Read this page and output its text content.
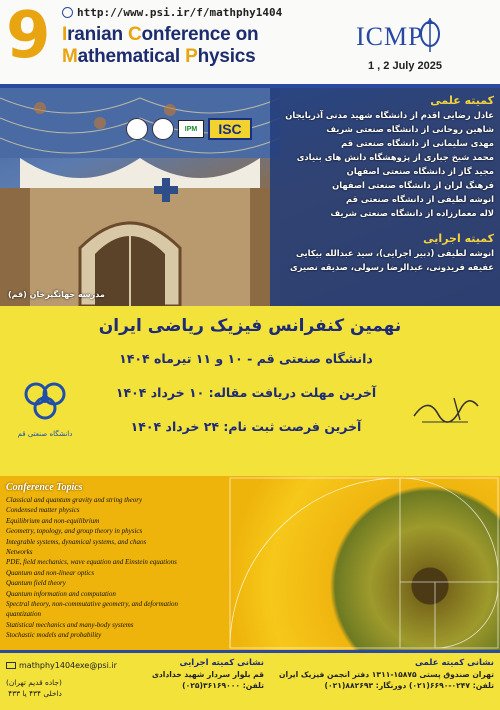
9	http://www.psi.ir/f/mathphy1404
Iranian Conference on
Mathematical Physics
ICMP
1 , 2 July 2025
IPM	ISC
کمیته علمی
عادل رضایی اقدم از دانشگاه شهید مدنی آذربایجان
شاهین روحانی از دانشگاه صنعتی شریف
مهدی سلیمانی از دانشگاه صنعتی قم
محمد شیخ جباری از پژوهشگاه دانش های بنیادی
مجید گاز از دانشگاه صنعتی اصفهان
فرهنگ لران از دانشگاه صنعتی اصفهان
انوشه لطیفی از دانشگاه صنعتی قم
لاله معمارزاده از دانشگاه صنعتی شریف
کمیته اجرایی
انوشه لطیفی (دبیر اجرایی)، سید عبدالله بیکایی
عفیفه فریدونی، عبدالرضا رسولی، صدیقه نصیری
مدرسه جهانگیرخان (قم)
نهمین کنفرانس فیزیک ریاضی ایران
دانشگاه صنعتی قم - ۱۰ و ۱۱ تیرماه ۱۴۰۴
آخرین مهلت دریافت مقاله: ۱۰ خرداد ۱۴۰۴
آخرین فرصت ثبت نام: ۲۴ خرداد ۱۴۰۴
دانشگاه صنعتی قم
Conference Topics
Classical and quantum gravity and string theory
Condensed matter physics
Equilibrium and non-equilibrium
Geometry, topology, and group theory in physics
Integrable systems, dynamical systems, and chaos
Networks
PDE, field mechanics, wave equation and Einstein equations
Quantum and non-linear optics
Quantum field theory
Quantum information and computation
Spectral theory, non-commutative geometry, and deformation
quantization
Statistical mechanics and many-body systems
Stochastic models and probability
نشانی کمیته علمی
تهران صندوق پستی ۱۵۸۷۵-۱۳۱۱ دفتر انجمن فیزیک ایران
تلفن: ۰۲۴۷-۶۶۹۰(۰۲۱) دورنگار: ۸۸۲۶۹۳(۰۲۱)
نشانی کمیته اجرایی
قم بلوار سردار شهید خدادادی
تلفن: ۳۶۱۶۹۰۰۰(۰۲۵)
mathphy1404exe@psi.ir
(جاده قدیم تهران)
داخلی ۴۳۴ یا ۴۳۳
